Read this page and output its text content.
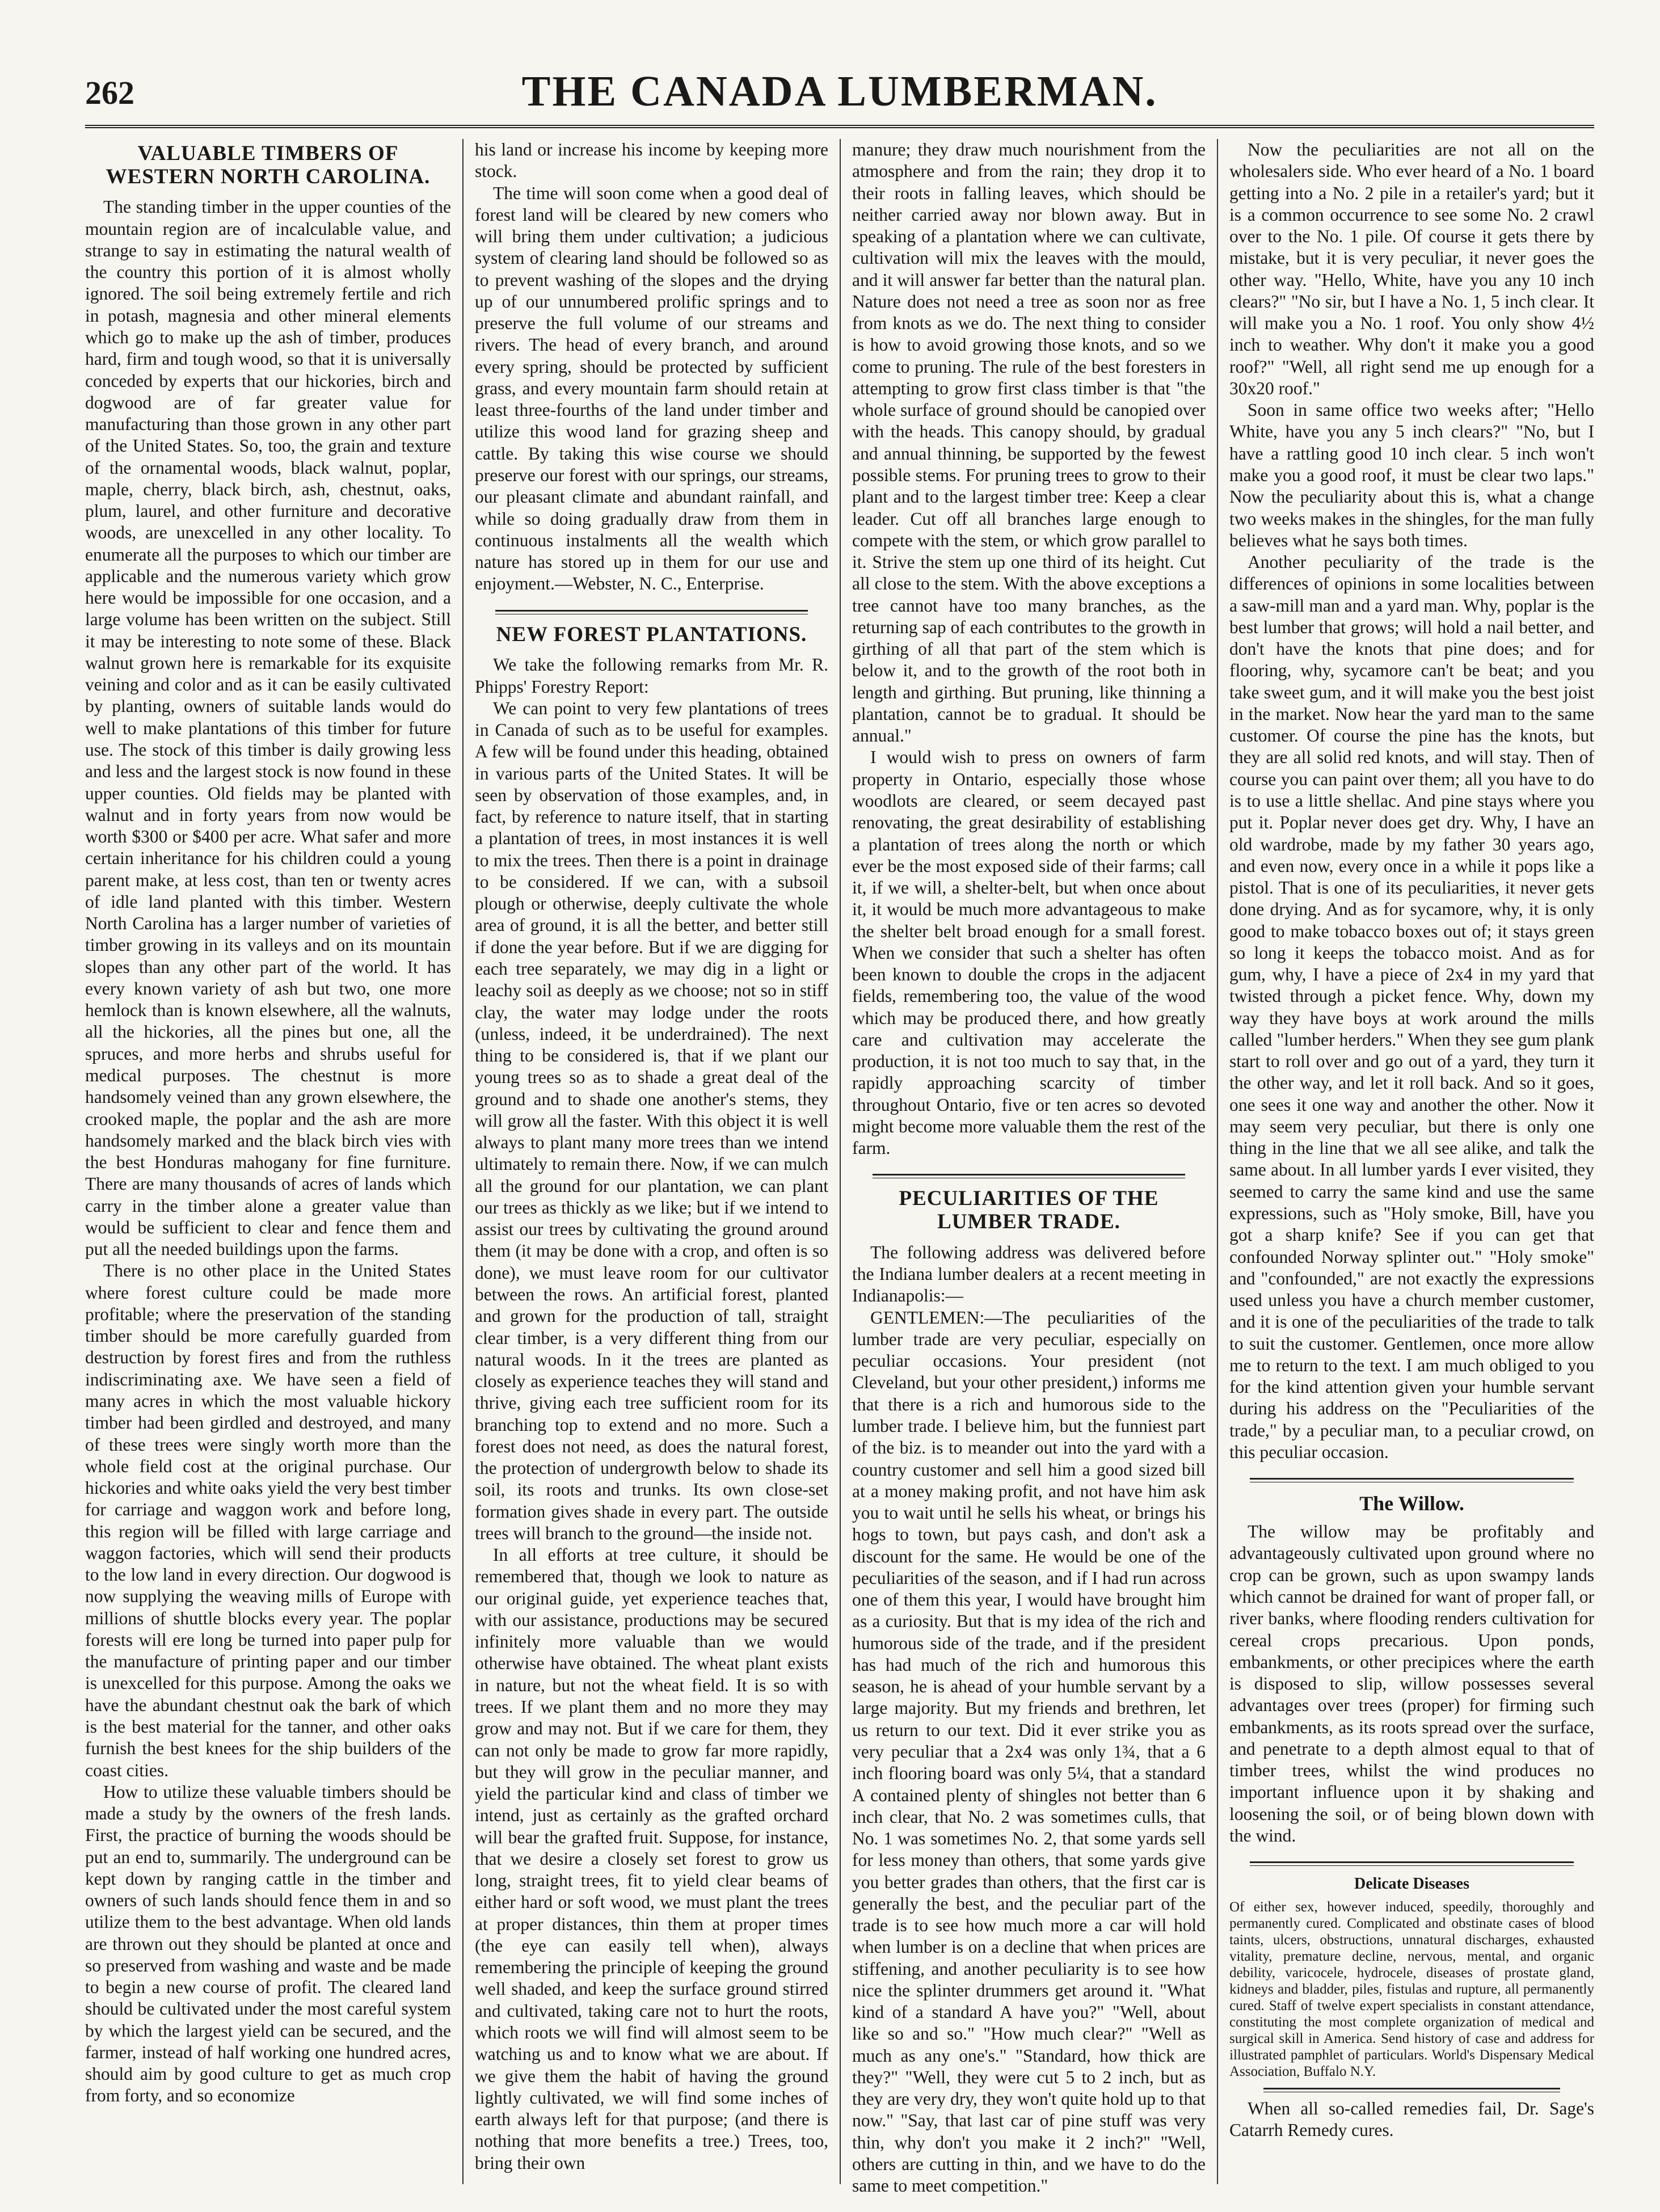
262	THE CANADA LUMBERMAN.
VALUABLE TIMBERS OF WESTERN NORTH CAROLINA.

The standing timber in the upper counties of the mountain region are of incalculable value, and strange to say in estimating the natural wealth of the country this portion of it is almost wholly ignored. The soil being extremely fertile and rich in potash, magnesia and other mineral elements which go to make up the ash of timber, produces hard, firm and tough wood, so that it is universally conceded by experts that our hickories, birch and dogwood are of far greater value for manufacturing than those grown in any other part of the United States. So, too, the grain and texture of the ornamental woods, black walnut, poplar, maple, cherry, black birch, ash, chestnut, oaks, plum, laurel, and other furniture and decorative woods, are unexcelled in any other locality. To enumerate all the purposes to which our timber are applicable and the numerous variety which grow here would be impossible for one occasion, and a large volume has been written on the subject. Still it may be interesting to note some of these. Black walnut grown here is remarkable for its exquisite veining and color and as it can be easily cultivated by planting, owners of suitable lands would do well to make plantations of this timber for future use. The stock of this timber is daily growing less and less and the largest stock is now found in these upper counties. Old fields may be planted with walnut and in forty years from now would be worth $300 or $400 per acre. What safer and more certain inheritance for his children could a young parent make, at less cost, than ten or twenty acres of idle land planted with this timber. Western North Carolina has a larger number of varieties of timber growing in its valleys and on its mountain slopes than any other part of the world. It has every known variety of ash but two, one more hemlock than is known elsewhere, all the walnuts, all the hickories, all the pines but one, all the spruces, and more herbs and shrubs useful for medical purposes. The chestnut is more handsomely veined than any grown elsewhere, the crooked maple, the poplar and the ash are more handsomely marked and the black birch vies with the best Honduras mahogany for fine furniture. There are many thousands of acres of lands which carry in the timber alone a greater value than would be sufficient to clear and fence them and put all the needed buildings upon the farms.

There is no other place in the United States where forest culture could be made more profitable; where the preservation of the standing timber should be more carefully guarded from destruction by forest fires and from the ruthless indiscriminating axe. We have seen a field of many acres in which the most valuable hickory timber had been girdled and destroyed, and many of these trees were singly worth more than the whole field cost at the original purchase. Our hickories and white oaks yield the very best timber for carriage and waggon work and before long, this region will be filled with large carriage and waggon factories, which will send their products to the low land in every direction. Our dogwood is now supplying the weaving mills of Europe with millions of shuttle blocks every year. The poplar forests will ere long be turned into paper pulp for the manufacture of printing paper and our timber is unexcelled for this purpose. Among the oaks we have the abundant chestnut oak the bark of which is the best material for the tanner, and other oaks furnish the best knees for the ship builders of the coast cities.

How to utilize these valuable timbers should be made a study by the owners of the fresh lands. First, the practice of burning the woods should be put an end to, summarily. The underground can be kept down by ranging cattle in the timber and owners of such lands should fence them in and so utilize them to the best advantage. When old lands are thrown out they should be planted at once and so preserved from washing and waste and be made to begin a new course of profit. The cleared land should be cultivated under the most careful system by which the largest yield can be secured, and the farmer, instead of half working one hundred acres, should aim by good culture to get as much crop from forty, and so economize

his land or increase his income by keeping more stock.

The time will soon come when a good deal of forest land will be cleared by new comers who will bring them under cultivation; a judicious system of clearing land should be followed so as to prevent washing of the slopes and the drying up of our unnumbered prolific springs and to preserve the full volume of our streams and rivers. The head of every branch, and around every spring, should be protected by sufficient grass, and every mountain farm should retain at least three-fourths of the land under timber and utilize this wood land for grazing sheep and cattle. By taking this wise course we should preserve our forest with our springs, our streams, our pleasant climate and abundant rainfall, and while so doing gradually draw from them in continuous instalments all the wealth which nature has stored up in them for our use and enjoyment.—Webster, N. C., Enterprise.

NEW FOREST PLANTATIONS.

We take the following remarks from Mr. R. Phipps' Forestry Report:

We can point to very few plantations of trees in Canada of such as to be useful for examples. A few will be found under this heading, obtained in various parts of the United States. It will be seen by observation of those examples, and, in fact, by reference to nature itself, that in starting a plantation of trees, in most instances it is well to mix the trees. Then there is a point in drainage to be considered. If we can, with a subsoil plough or otherwise, deeply cultivate the whole area of ground, it is all the better, and better still if done the year before. But if we are digging for each tree separately, we may dig in a light or leachy soil as deeply as we choose; not so in stiff clay, the water may lodge under the roots (unless, indeed, it be underdrained). The next thing to be considered is, that if we plant our young trees so as to shade a great deal of the ground and to shade one another's stems, they will grow all the faster. With this object it is well always to plant many more trees than we intend ultimately to remain there. Now, if we can mulch all the ground for our plantation, we can plant our trees as thickly as we like; but if we intend to assist our trees by cultivating the ground around them (it may be done with a crop, and often is so done), we must leave room for our cultivator between the rows. An artificial forest, planted and grown for the production of tall, straight clear timber, is a very different thing from our natural woods. In it the trees are planted as closely as experience teaches they will stand and thrive, giving each tree sufficient room for its branching top to extend and no more. Such a forest does not need, as does the natural forest, the protection of undergrowth below to shade its soil, its roots and trunks. Its own close-set formation gives shade in every part. The outside trees will branch to the ground—the inside not.

In all efforts at tree culture, it should be remembered that, though we look to nature as our original guide, yet experience teaches that, with our assistance, productions may be secured infinitely more valuable than we would otherwise have obtained. The wheat plant exists in nature, but not the wheat field. It is so with trees. If we plant them and no more they may grow and may not. But if we care for them, they can not only be made to grow far more rapidly, but they will grow in the peculiar manner, and yield the particular kind and class of timber we intend, just as certainly as the grafted orchard will bear the grafted fruit. Suppose, for instance, that we desire a closely set forest to grow us long, straight trees, fit to yield clear beams of either hard or soft wood, we must plant the trees at proper distances, thin them at proper times (the eye can easily tell when), always remembering the principle of keeping the ground well shaded, and keep the surface ground stirred and cultivated, taking care not to hurt the roots, which roots we will find will almost seem to be watching us and to know what we are about. If we give them the habit of having the ground lightly cultivated, we will find some inches of earth always left for that purpose; (and there is nothing that more benefits a tree.) Trees, too, bring their own

manure; they draw much nourishment from the atmosphere and from the rain; they drop it to their roots in falling leaves, which should be neither carried away nor blown away. But in speaking of a plantation where we can cultivate, cultivation will mix the leaves with the mould, and it will answer far better than the natural plan. Nature does not need a tree as soon nor as free from knots as we do. The next thing to consider is how to avoid growing those knots, and so we come to pruning. The rule of the best foresters in attempting to grow first class timber is that "the whole surface of ground should be canopied over with the heads. This canopy should, by gradual and annual thinning, be supported by the fewest possible stems. For pruning trees to grow to their plant and to the largest timber tree: Keep a clear leader. Cut off all branches large enough to compete with the stem, or which grow parallel to it. Strive the stem up one third of its height. Cut all close to the stem. With the above exceptions a tree cannot have too many branches, as the returning sap of each contributes to the growth in girthing of all that part of the stem which is below it, and to the growth of the root both in length and girthing. But pruning, like thinning a plantation, cannot be to gradual. It should be annual."

I would wish to press on owners of farm property in Ontario, especially those whose woodlots are cleared, or seem decayed past renovating, the great desirability of establishing a plantation of trees along the north or which ever be the most exposed side of their farms; call it, if we will, a shelter-belt, but when once about it, it would be much more advantageous to make the shelter belt broad enough for a small forest. When we consider that such a shelter has often been known to double the crops in the adjacent fields, remembering too, the value of the wood which may be produced there, and how greatly care and cultivation may accelerate the production, it is not too much to say that, in the rapidly approaching scarcity of timber throughout Ontario, five or ten acres so devoted might become more valuable them the rest of the farm.

PECULIARITIES OF THE LUMBER TRADE.

The following address was delivered before the Indiana lumber dealers at a recent meeting in Indianapolis:—

GENTLEMEN:—The peculiarities of the lumber trade are very peculiar, especially on peculiar occasions. Your president (not Cleveland, but your other president,) informs me that there is a rich and humorous side to the lumber trade. I believe him, but the funniest part of the biz. is to meander out into the yard with a country customer and sell him a good sized bill at a money making profit, and not have him ask you to wait until he sells his wheat, or brings his hogs to town, but pays cash, and don't ask a discount for the same. He would be one of the peculiarities of the season, and if I had run across one of them this year, I would have brought him as a curiosity. But that is my idea of the rich and humorous side of the trade, and if the president has had much of the rich and humorous this season, he is ahead of your humble servant by a large majority. But my friends and brethren, let us return to our text. Did it ever strike you as very peculiar that a 2x4 was only 1¾, that a 6 inch flooring board was only 5¼, that a standard A contained plenty of shingles not better than 6 inch clear, that No. 2 was sometimes culls, that No. 1 was sometimes No. 2, that some yards sell for less money than others, that some yards give you better grades than others, that the first car is generally the best, and the peculiar part of the trade is to see how much more a car will hold when lumber is on a decline that when prices are stiffening, and another peculiarity is to see how nice the splinter drummers get around it. "What kind of a standard A have you?" "Well, about like so and so." "How much clear?" "Well as much as any one's." "Standard, how thick are they?" "Well, they were cut 5 to 2 inch, but as they are very dry, they won't quite hold up to that now." "Say, that last car of pine stuff was very thin, why don't you make it 2 inch?" "Well, others are cutting in thin, and we have to do the same to meet competition."

Now the peculiarities are not all on the wholesalers side. Who ever heard of a No. 1 board getting into a No. 2 pile in a retailer's yard; but it is a common occurrence to see some No. 2 crawl over to the No. 1 pile. Of course it gets there by mistake, but it is very peculiar, it never goes the other way. "Hello, White, have you any 10 inch clears?" "No sir, but I have a No. 1, 5 inch clear. It will make you a No. 1 roof. You only show 4½ inch to weather. Why don't it make you a good roof?" "Well, all right send me up enough for a 30x20 roof."

Soon in same office two weeks after; "Hello White, have you any 5 inch clears?" "No, but I have a rattling good 10 inch clear. 5 inch won't make you a good roof, it must be clear two laps." Now the peculiarity about this is, what a change two weeks makes in the shingles, for the man fully believes what he says both times.

Another peculiarity of the trade is the differences of opinions in some localities between a saw-mill man and a yard man. Why, poplar is the best lumber that grows; will hold a nail better, and don't have the knots that pine does; and for flooring, why, sycamore can't be beat; and you take sweet gum, and it will make you the best joist in the market. Now hear the yard man to the same customer. Of course the pine has the knots, but they are all solid red knots, and will stay. Then of course you can paint over them; all you have to do is to use a little shellac. And pine stays where you put it. Poplar never does get dry. Why, I have an old wardrobe, made by my father 30 years ago, and even now, every once in a while it pops like a pistol. That is one of its peculiarities, it never gets done drying. And as for sycamore, why, it is only good to make tobacco boxes out of; it stays green so long it keeps the tobacco moist. And as for gum, why, I have a piece of 2x4 in my yard that twisted through a picket fence. Why, down my way they have boys at work around the mills called "lumber herders." When they see gum plank start to roll over and go out of a yard, they turn it the other way, and let it roll back. And so it goes, one sees it one way and another the other. Now it may seem very peculiar, but there is only one thing in the line that we all see alike, and talk the same about. In all lumber yards I ever visited, they seemed to carry the same kind and use the same expressions, such as "Holy smoke, Bill, have you got a sharp knife? See if you can get that confounded Norway splinter out." "Holy smoke" and "confounded," are not exactly the expressions used unless you have a church member customer, and it is one of the peculiarities of the trade to talk to suit the customer. Gentlemen, once more allow me to return to the text. I am much obliged to you for the kind attention given your humble servant during his address on the "Peculiarities of the trade," by a peculiar man, to a peculiar crowd, on this peculiar occasion.

The Willow.

The willow may be profitably and advantageously cultivated upon ground where no crop can be grown, such as upon swampy lands which cannot be drained for want of proper fall, or river banks, where flooding renders cultivation for cereal crops precarious. Upon ponds, embankments, or other precipices where the earth is disposed to slip, willow possesses several advantages over trees (proper) for firming such embankments, as its roots spread over the surface, and penetrate to a depth almost equal to that of timber trees, whilst the wind produces no important influence upon it by shaking and loosening the soil, or of being blown down with the wind.

Delicate Diseases

Of either sex, however induced, speedily, thoroughly and permanently cured. Complicated and obstinate cases of blood taints, ulcers, obstructions, unnatural discharges, exhausted vitality, premature decline, nervous, mental, and organic debility, varicocele, hydrocele, diseases of prostate gland, kidneys and bladder, piles, fistulas and rupture, all permanently cured. Staff of twelve expert specialists in constant attendance, constituting the most complete organization of medical and surgical skill in America. Send history of case and address for illustrated pamphlet of particulars. World's Dispensary Medical Association, Buffalo N.Y.

When all so-called remedies fail, Dr. Sage's Catarrh Remedy cures.
